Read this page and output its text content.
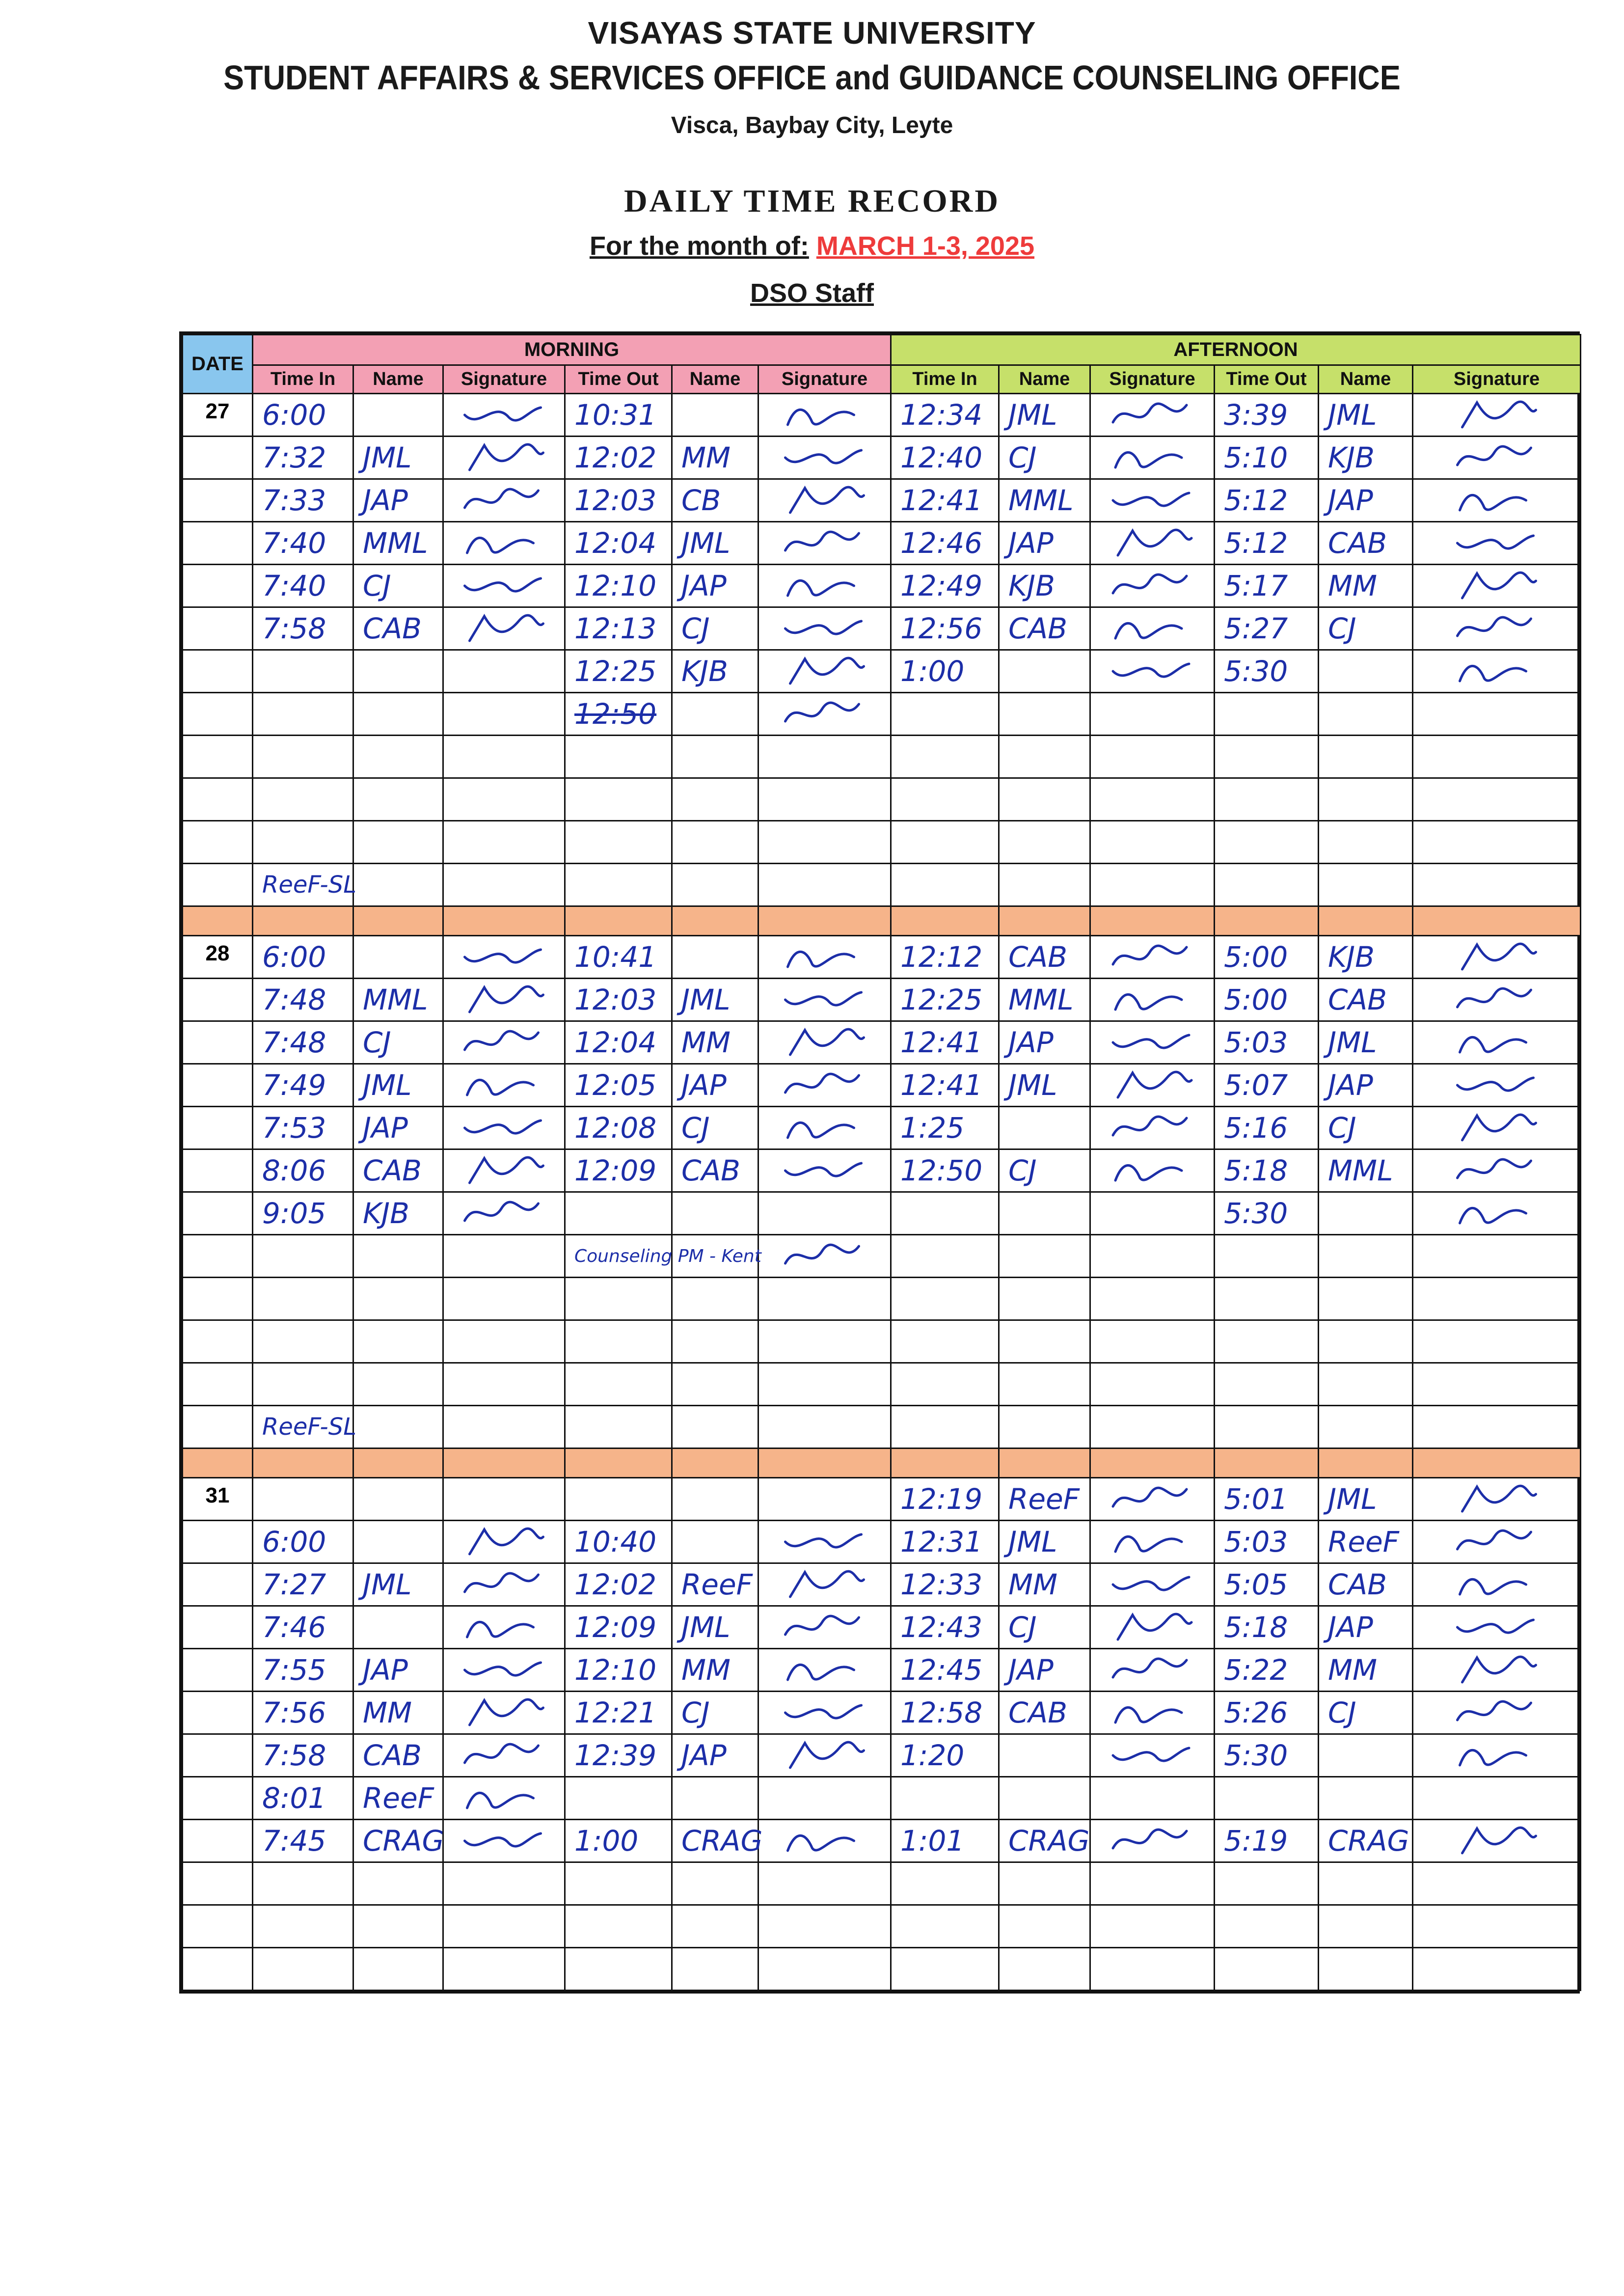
VISAYAS STATE UNIVERSITY
STUDENT AFFAIRS & SERVICES OFFICE and GUIDANCE COUNSELING OFFICE
Visca, Baybay City, Leyte
DAILY TIME RECORD
For the month of: MARCH 1-3, 2025
DSO Staff
DATE	MORNING						AFTERNOON					
	Time In	Name	Signature	Time Out	Name	Signature	Time In	Name	Signature	Time Out	Name	Signature
27	6:00			10:31			12:34	JML		3:39	JML	

	7:32	JML		12:02	MM		12:40	CJ		5:10	KJB	

	7:33	JAP		12:03	CB		12:41	MML		5:12	JAP	

	7:40	MML		12:04	JML		12:46	JAP		5:12	CAB	

	7:40	CJ		12:10	JAP		12:49	KJB		5:17	MM	

	7:58	CAB		12:13	CJ		12:56	CAB		5:27	CJ	

				12:25	KJB		1:00			5:30		

				12:50		

	ReeF-SL											

28	6:00			10:41			12:12	CAB		5:00	KJB	

	7:48	MML		12:03	JML		12:25	MML		5:00	CAB	

	7:48	CJ		12:04	MM		12:41	JAP		5:03	JML	

	7:49	JML		12:05	JAP		12:41	JML		5:07	JAP	

	7:53	JAP		12:08	CJ		1:25			5:16	CJ	

	8:06	CAB		12:09	CAB		12:50	CJ		5:18	MML	

	9:05	KJB								5:30		

				Counseling PM - Kent		

	ReeF-SL											

31							12:19	ReeF		5:01	JML	

	6:00			10:40			12:31	JML		5:03	ReeF	

	7:27	JML		12:02	ReeF		12:33	MM		5:05	CAB	

	7:46			12:09	JML		12:43	CJ		5:18	JAP	

	7:55	JAP		12:10	MM		12:45	JAP		5:22	MM	

	7:56	MM		12:21	CJ		12:58	CAB		5:26	CJ	

	7:58	CAB		12:39	JAP		1:20			5:30		

	8:01	ReeF	

	7:45	CRAG		1:00	CRAG		1:01	CRAG		5:19	CRAG	
